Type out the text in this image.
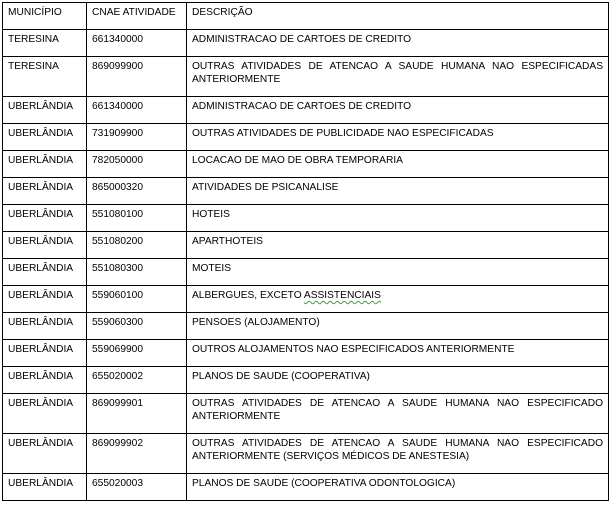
MUNICÍPIO	CNAE ATIVIDADE	DESCRIÇÃO
TERESINA	661340000	ADMINISTRACAO DE CARTOES DE CREDITO
TERESINA	869099900	OUTRAS ATIVIDADES DE ATENCAO A SAUDE HUMANA NAO ESPECIFICADAS ANTERIORMENTE
UBERLÂNDIA	661340000	ADMINISTRACAO DE CARTOES DE CREDITO
UBERLÂNDIA	731909900	OUTRAS ATIVIDADES DE PUBLICIDADE NAO ESPECIFICADAS
UBERLÂNDIA	782050000	LOCACAO DE MAO DE OBRA TEMPORARIA
UBERLÂNDIA	865000320	ATIVIDADES DE PSICANALISE
UBERLÂNDIA	551080100	HOTEIS
UBERLÂNDIA	551080200	APARTHOTEIS
UBERLÂNDIA	551080300	MOTEIS
UBERLÂNDIA	559060100	ALBERGUES, EXCETO ASSISTENCIAIS
UBERLÂNDIA	559060300	PENSOES (ALOJAMENTO)
UBERLÂNDIA	559069900	OUTROS ALOJAMENTOS NAO ESPECIFICADOS ANTERIORMENTE
UBERLÂNDIA	655020002	PLANOS DE SAUDE (COOPERATIVA)
UBERLÂNDIA	869099901	OUTRAS ATIVIDADES DE ATENCAO A SAUDE HUMANA NAO ESPECIFICADO ANTERIORMENTE
UBERLÂNDIA	869099902	OUTRAS ATIVIDADES DE ATENCAO A SAUDE HUMANA NAO ESPECIFICADO ANTERIORMENTE (SERVIÇOS MÉDICOS DE ANESTESIA)
UBERLÂNDIA	655020003	PLANOS DE SAUDE (COOPERATIVA ODONTOLOGICA)
